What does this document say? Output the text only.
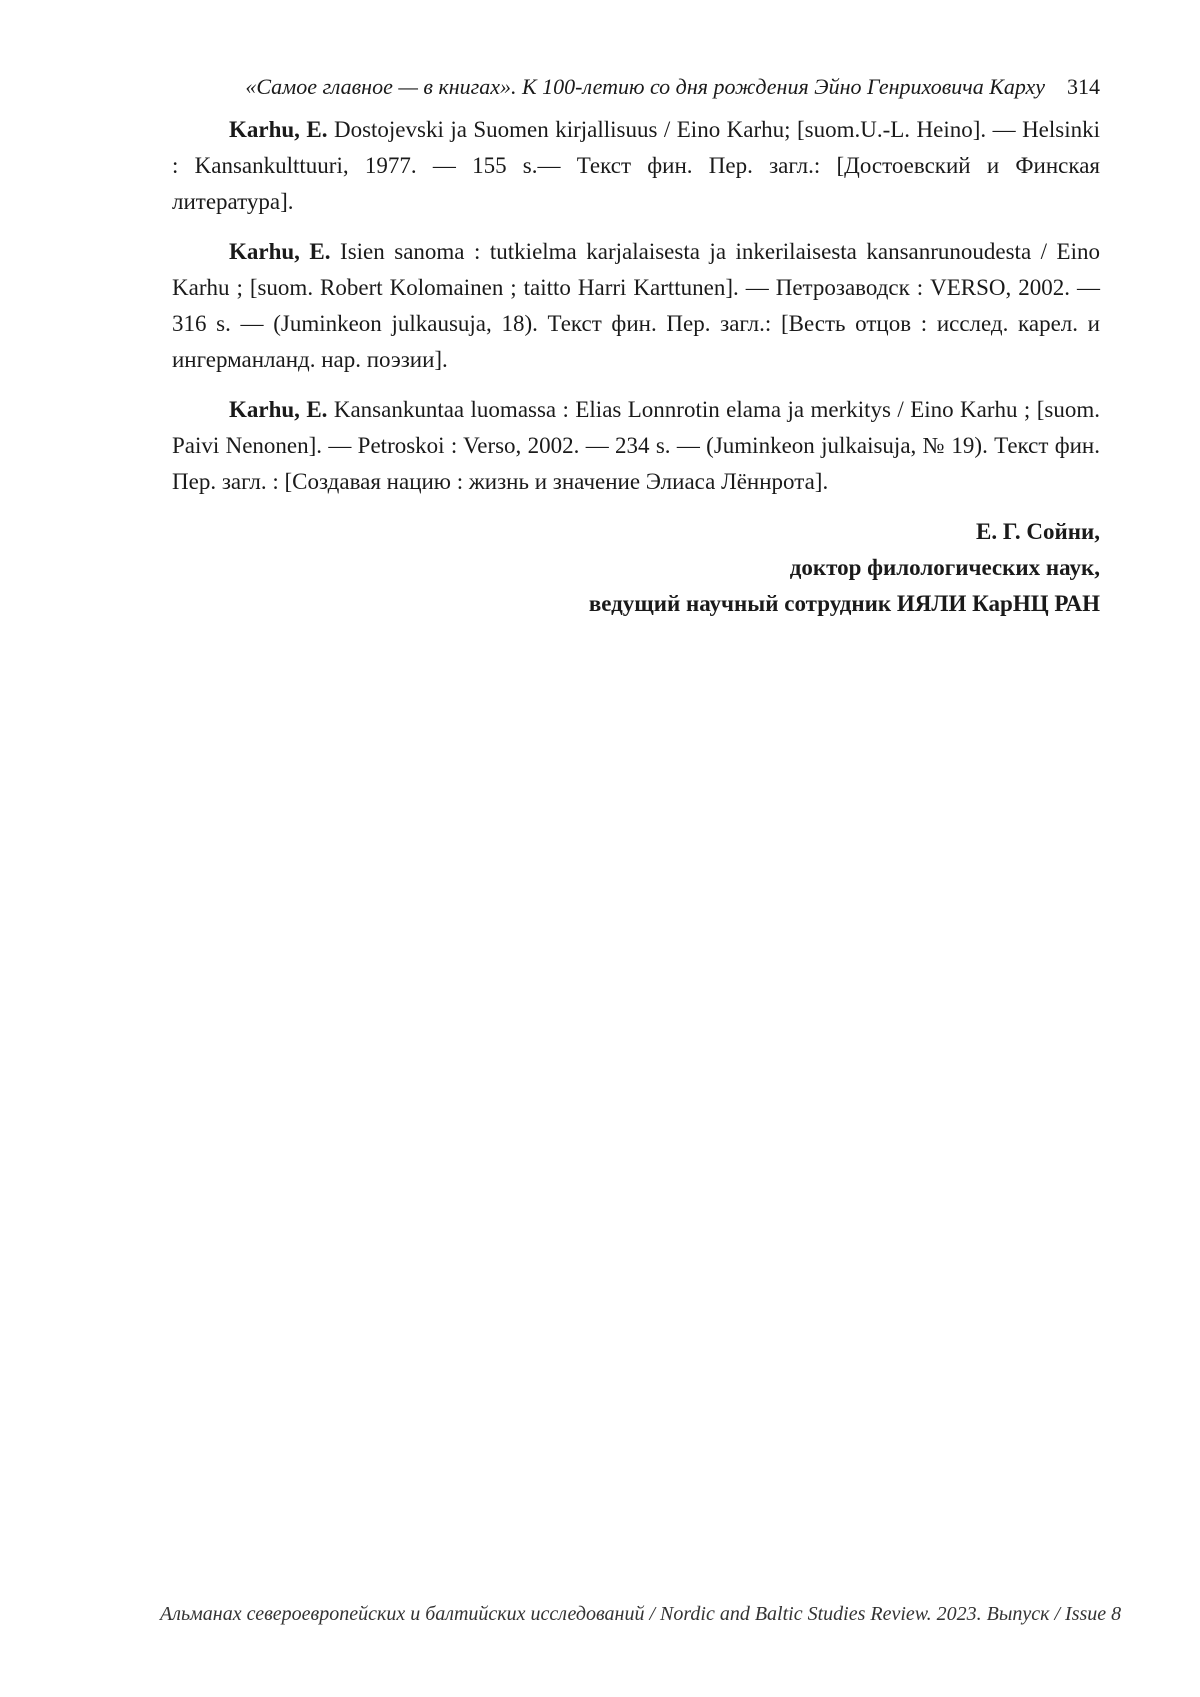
«Самое главное — в книгах». К 100-летию со дня рождения Эйно Генриховича Карху 314

Karhu, E. Dostojevski ja Suomen kirjallisuus / Eino Karhu; [suom.U.-L. Heino]. — Helsinki : Kansankulttuuri, 1977. — 155 s.— Текст фин. Пер. загл.: [Достоевский и Финская литература].

Karhu, E. Isien sanoma : tutkielma karjalaisesta ja inkerilaisesta kansanrunoudesta / Eino Karhu ; [suom. Robert Kolomainen ; taitto Harri Karttunen]. — Петрозаводск : VERSO, 2002. — 316 s. — (Juminkeon julkausuja, 18). Текст фин. Пер. загл.: [Весть отцов : исслед. карел. и ингерманланд. нар. поэзии].

Karhu, E. Kansankuntaa luomassa : Elias Lonnrotin elama ja merkitys / Eino Karhu ; [suom. Paivi Nenonen]. — Petroskoi : Verso, 2002. — 234 s. — (Juminkeon julkaisuja, № 19). Текст фин. Пер. загл. : [Создавая нацию : жизнь и значение Элиаса Лённрота].

Е. Г. Сойни,
доктор филологических наук,
ведущий научный сотрудник ИЯЛИ КарНЦ РАН
Альманах североевропейских и балтийских исследований / Nordic and Baltic Studies Review. 2023. Выпуск / Issue 8
